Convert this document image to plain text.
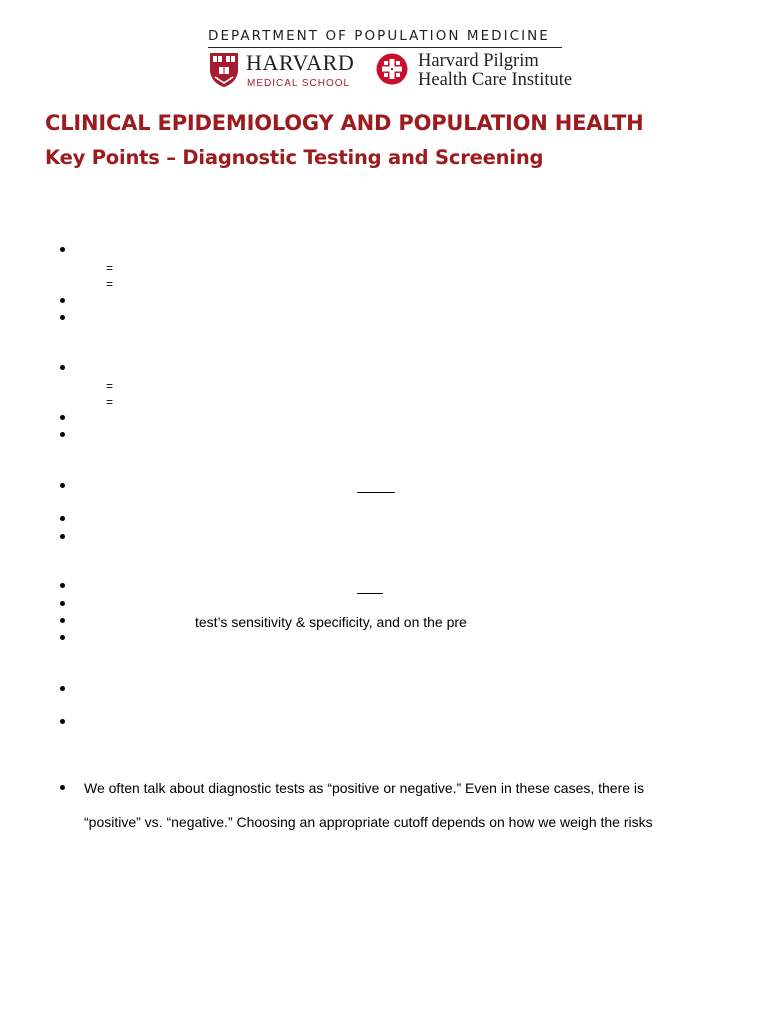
DEPARTMENT OF POPULATION MEDICINE
HARVARD
MEDICAL SCHOOL
Harvard Pilgrim
Health Care Institute
CLINICAL EPIDEMIOLOGY AND POPULATION HEALTH
Key Points – Diagnostic Testing and Screening
=
=
=
=
test’s sensitivity & specificity, and on the pre
We often talk about diagnostic tests as “positive or negative.” Even in these cases, there is
“positive” vs. “negative.” Choosing an appropriate cutoff depends on how we weigh the risks
